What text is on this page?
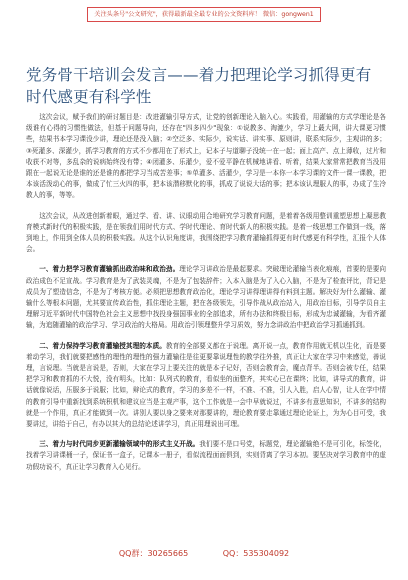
关注头条号"公文研究"，获得最新最全最专业的公文资料库！ 微信：gongwen1
党务骨干培训会发言——着力把理论学习抓得更有时代感更有科学性

这次会议，赋予我们的研讨题目是：改进灌输引导方式，让党的创新理论入脑入心。实践看，用灌输的方式学理论是各级谁有心得的习惯性做法，但基于问题导向，还存在"四多四少"现象：①说教多、淘漉少，学习上蕞大网，讲大课更习惯些，结果书本学习课没少讲，理论还是没入脑；②空泛多、实际少，说实话、讲实事、原则讲，联系实际少，主观讲的多；③死灌多、深灌少，抓学习教育的方式不少都用在了形式上，记本子与道聊子没统一在一起；面上高产、点上薄收，过片和收获不对等，多乱杂的说病始终没有带；④闭灌多、乐灌少，爱不爱平静在机械地讲看、听着，结果大家常常把教育当没用跟在一起说无论是谁的还是谁的都把学习当成苦差事；⑤单灌多、活灌少，学习是一本你一本学习课的文件一课一课教，把本该活泼动心的事，做成了忙三火四的事，把本该潜移默化的事，抓成了说说大话的事；把本该认理服人的事，办成了生冷教人的事，等等。

这次会议，从改进创新着眼，通过学、看、讲、议眼动用合地研究学习教育问题，是着着各级用整训重塑思想上凝思教育模式新时代的积极实践，是在领我们用时代方式、学时代理论、育时代新人的积极实践。是着一线思想工作做到一线，落到地上，作用到全体人员的积极实践。从这个认识角度讲，我围绕把学习教育灌输抓得更有时代感更有科学性，汇报个人体会。

一、着力把学习教育灌输抓出政治味和政治劲。理论学习讲政治是最起要求。突破理论灌输当表化痕痕，首要的是要向政治成色不足宣战。学习教育是为了武装灵魂，不是为了包装辞件；入本入脑是为了入心入脑，不是为了检查评比，背记是成员为了塑造信念，不是为了考核方便。必须把思想教育政治化，理论学习讲得理讲得有料到主题。解决好为什么灌输、灌输什么等根本问题，尤其要宣传政治性，抓住理论主题，把在各级领先，引导作战从政治站入，用政治目标，引导学员自主理解习近平新时代中国特色社会主义思想中找投身强国事业的全部追求，所有办法和终极目标，形成为忠诚灌输，为看齐灌输，为追随灌输的政治学习、学习政治的大格局。用政治引领理整升学习质效，努力念讲政治中把政治学习抓通抓到。

二、着力保持学习教育灌输授其理的本质。教育的全部要义都在于说理。离开说一点，教育作用就无机以生化，而是要着动学习，我们就要把感性的理性的理性的强力灌输往是往更要靠说理性的教学往外推，真正让大家在学习中来感觉，善说理，言说理。当就是言说是，否则，大家在学习上要关注的就是本子记好，否则会教育会，魔点背半。否则会被专任，结果把学习和教育抓的不大悦，没有明头，比如：队列式的教育，看似坐的面整齐，其实心已在课终；比如，讲导式的教育，讲话就像说话，压服多于说服；比如，辩论式的教育，学习的多差不一样，不准、不准，引人入胜，启人心智，让人在学中情的教育引导中重新找到系统积机和建议应当是主观产事，这个工作就是一会中早就说过，不讲多有意思知识，不讲多的结构就是一个作用，真正才能做到一次。讲别人要以身之要来对那要讲的，理论教育要走靠通过理论论证上，为为心目可受，我要讲过，讲给于自己，有办以其大的总结论述讲学习，真正用理说出可理。

三、着力与时代同步更新灌输领域中的形式主义开战。我们要不是口号党，标题党，理论灌输绝不是可引化，标签化，找着学习讲课桶一子，保证书一盒子，记课本一册子，看似流程面面俱到，实则背离了学习本初。要坚决对学习教育中的虚功假功说不，真正让学习教育入心见行。

QQ群：30265665	QQ：535304092
